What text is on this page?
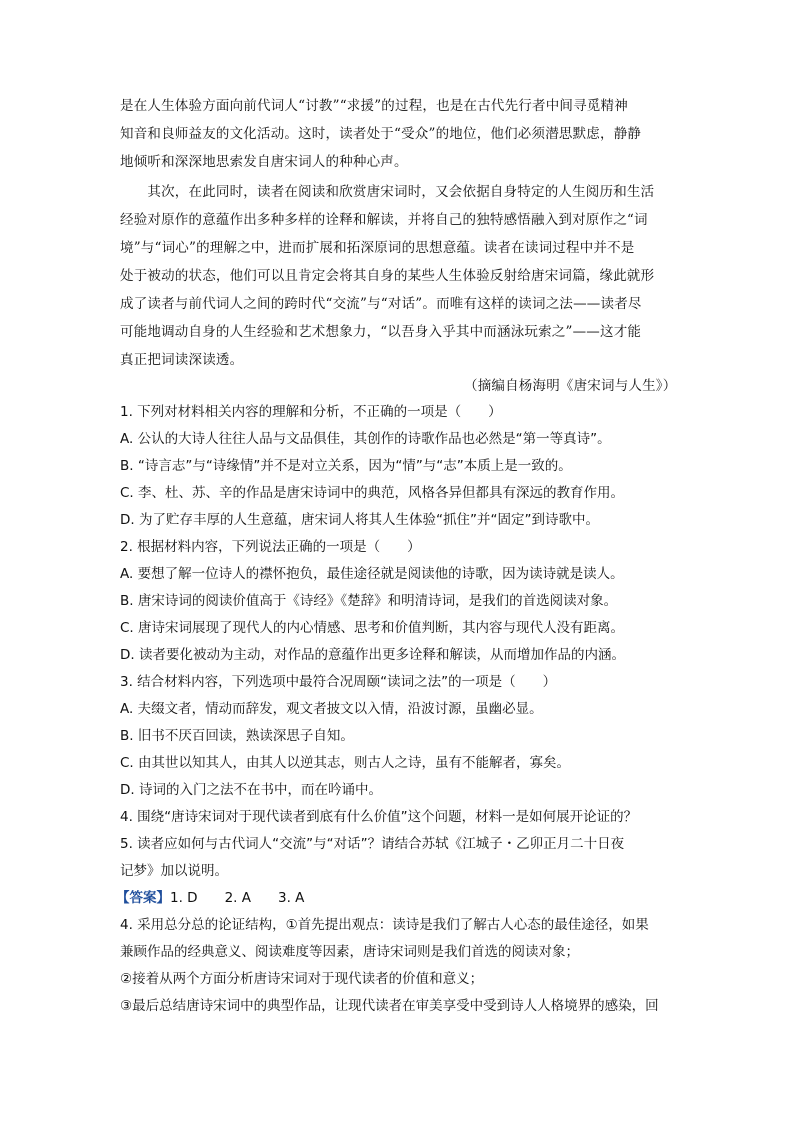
是在人生体验方面向前代词人“讨教”“求援”的过程，也是在古代先行者中间寻觅精神
知音和良师益友的文化活动。这时，读者处于“受众”的地位，他们必须潜思默虑，静静
地倾听和深深地思索发自唐宋词人的种种心声。
　　其次，在此同时，读者在阅读和欣赏唐宋词时，又会依据自身特定的人生阅历和生活
经验对原作的意蕴作出多种多样的诠释和解读，并将自己的独特感悟融入到对原作之“词
境”与“词心”的理解之中，进而扩展和拓深原词的思想意蕴。读者在读词过程中并不是
处于被动的状态，他们可以且肯定会将其自身的某些人生体验反射给唐宋词篇，缘此就形
成了读者与前代词人之间的跨时代“交流”与“对话”。而唯有这样的读词之法——读者尽
可能地调动自身的人生经验和艺术想象力，“以吾身入乎其中而涵泳玩索之”——这才能
真正把词读深读透。
（摘编自杨海明《唐宋词与人生》）
1. 下列对材料相关内容的理解和分析，不正确的一项是（　　）
A. 公认的大诗人往往人品与文品俱佳，其创作的诗歌作品也必然是“第一等真诗”。
B. “诗言志”与“诗缘情”并不是对立关系，因为“情”与“志”本质上是一致的。
C. 李、杜、苏、辛的作品是唐宋诗词中的典范，风格各异但都具有深远的教育作用。
D. 为了贮存丰厚的人生意蕴，唐宋词人将其人生体验“抓住”并“固定”到诗歌中。
2. 根据材料内容，下列说法正确的一项是（　　）
A. 要想了解一位诗人的襟怀抱负，最佳途径就是阅读他的诗歌，因为读诗就是读人。
B. 唐宋诗词的阅读价值高于《诗经》《楚辞》和明清诗词，是我们的首选阅读对象。
C. 唐诗宋词展现了现代人的内心情感、思考和价值判断，其内容与现代人没有距离。
D. 读者要化被动为主动，对作品的意蕴作出更多诠释和解读，从而增加作品的内涵。
3. 结合材料内容，下列选项中最符合况周颐“读词之法”的一项是（　　）
A. 夫缀文者，情动而辞发，观文者披文以入情，沿波讨源，虽幽必显。
B. 旧书不厌百回读，熟读深思子自知。
C. 由其世以知其人，由其人以逆其志，则古人之诗，虽有不能解者，寡矣。
D. 诗词的入门之法不在书中，而在吟诵中。
4. 围绕“唐诗宋词对于现代读者到底有什么价值”这个问题，材料一是如何展开论证的？
5. 读者应如何与古代词人“交流”与“对话”？请结合苏轼《江城子・乙卯正月二十日夜
记梦》加以说明。
【答案】1. D　　2. A　　3. A
4. 采用总分总的论证结构，①首先提出观点：读诗是我们了解古人心态的最佳途径，如果
兼顾作品的经典意义、阅读难度等因素，唐诗宋词则是我们首选的阅读对象；
②接着从两个方面分析唐诗宋词对于现代读者的价值和意义；
③最后总结唐诗宋词中的典型作品，让现代读者在审美享受中受到诗人人格境界的感染，回
